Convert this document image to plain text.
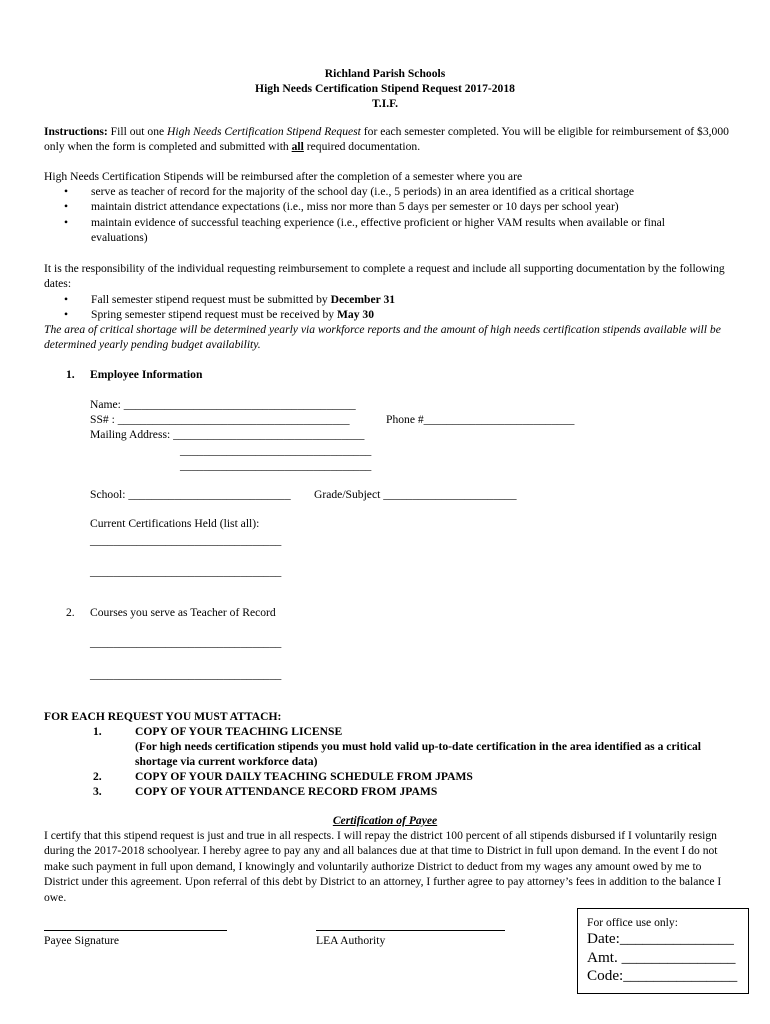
Richland Parish Schools
High Needs Certification Stipend Request 2017-2018
T.I.F.
Instructions: Fill out one High Needs Certification Stipend Request for each semester completed. You will be eligible for reimbursement of $3,000 only when the form is completed and submitted with all required documentation.
High Needs Certification Stipends will be reimbursed after the completion of a semester where you are
• serve as teacher of record for the majority of the school day (i.e., 5 periods) in an area identified as a critical shortage
• maintain district attendance expectations (i.e., miss nor more than 5 days per semester or 10 days per school year)
• maintain evidence of successful teaching experience (i.e., effective proficient or higher VAM results when available or final evaluations)
It is the responsibility of the individual requesting reimbursement to complete a request and include all supporting documentation by the following dates:
• Fall semester stipend request must be submitted by December 31
• Spring semester stipend request must be received by May 30
The area of critical shortage will be determined yearly via workforce reports and the amount of high needs certification stipends available will be determined yearly pending budget availability.
1. Employee Information
Name: ________________________________________
SS# : ________________________________________	Phone #__________________________
Mailing Address: _________________________________
_________________________________
_________________________________
School: ____________________________ Grade/Subject _______________________
Current Certifications Held (list all):
_________________________________
_________________________________
2. Courses you serve as Teacher of Record
_________________________________
_________________________________
FOR EACH REQUEST YOU MUST ATTACH:
1.	COPY OF YOUR TEACHING LICENSE
(For high needs certification stipends you must hold valid up-to-date certification in the area identified as a critical shortage via current workforce data)
2.	COPY OF YOUR DAILY TEACHING SCHEDULE FROM JPAMS
3.	COPY OF YOUR ATTENDANCE RECORD FROM JPAMS
Certification of Payee
I certify that this stipend request is just and true in all respects. I will repay the district 100 percent of all stipends disbursed if I voluntarily resign during the 2017-2018 schoolyear. I hereby agree to pay any and all balances due at that time to District in full upon demand. In the event I do not make such payment in full upon demand, I knowingly and voluntarily authorize District to deduct from my wages any amount owed by me to District under this agreement. Upon referral of this debt by District to an attorney, I further agree to pay attorney’s fees in addition to the balance I owe.
Payee Signature	LEA Authority
For office use only:
Date:_______________
Amt. _______________
Code:_______________
